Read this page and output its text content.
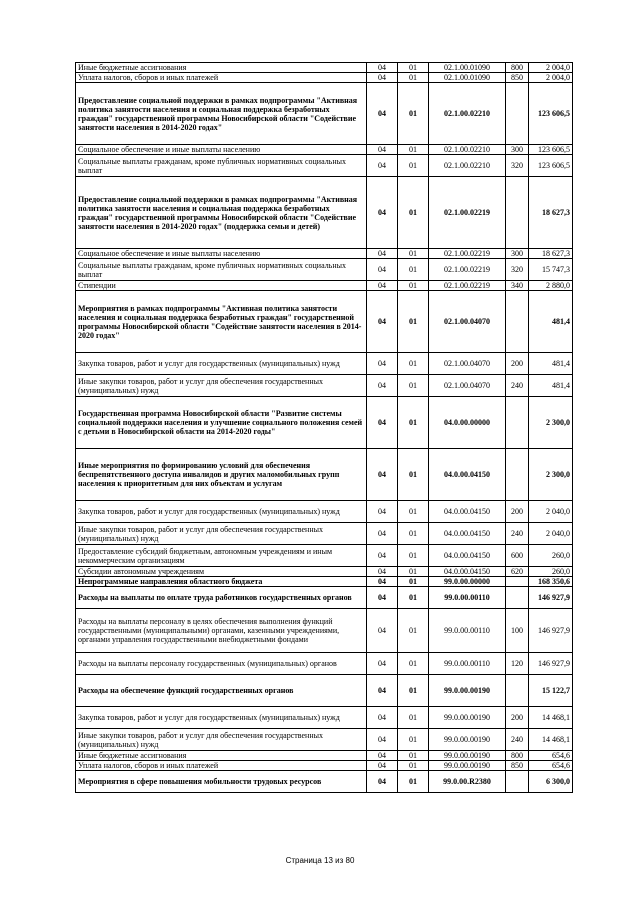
Иные бюджетные ассигнования	04	01	02.1.00.01090	800	2 004,0
Уплата налогов, сборов и иных платежей	04	01	02.1.00.01090	850	2 004,0
Предоставление социальной поддержки в рамках подпрограммы "Активная политика занятости населения и социальная поддержка безработных граждан" государственной программы Новосибирской области "Содействие занятости населения в 2014-2020 годах"	04	01	02.1.00.02210		123 606,5
Социальное обеспечение и иные выплаты населению	04	01	02.1.00.02210	300	123 606,5
Социальные выплаты гражданам, кроме публичных нормативных социальных выплат	04	01	02.1.00.02210	320	123 606,5
Предоставление социальной поддержки в рамках подпрограммы "Активная политика занятости населения и социальная поддержка безработных граждан" государственной программы Новосибирской области "Содействие занятости населения в 2014-2020 годах" (поддержка семьи и детей)	04	01	02.1.00.02219		18 627,3
Социальное обеспечение и иные выплаты населению	04	01	02.1.00.02219	300	18 627,3
Социальные выплаты гражданам, кроме публичных нормативных социальных выплат	04	01	02.1.00.02219	320	15 747,3
Стипендии	04	01	02.1.00.02219	340	2 880,0
Мероприятия в рамках подпрограммы "Активная политика занятости населения и социальная поддержка безработных граждан" государственной программы Новосибирской области "Содействие занятости населения в 2014-2020 годах"	04	01	02.1.00.04070		481,4
Закупка товаров, работ и услуг для государственных (муниципальных) нужд	04	01	02.1.00.04070	200	481,4
Иные закупки товаров, работ и услуг для обеспечения государственных (муниципальных) нужд	04	01	02.1.00.04070	240	481,4
Государственная программа Новосибирской области "Развитие системы социальной поддержки населения и улучшение социального положения семей с детьми в Новосибирской области на 2014-2020 годы"	04	01	04.0.00.00000		2 300,0
Иные мероприятия по формированию условий для обеспечения беспрепятственного доступа инвалидов и других маломобильных групп населения к приоритетным для них объектам и услугам	04	01	04.0.00.04150		2 300,0
Закупка товаров, работ и услуг для государственных (муниципальных) нужд	04	01	04.0.00.04150	200	2 040,0
Иные закупки товаров, работ и услуг для обеспечения государственных (муниципальных) нужд	04	01	04.0.00.04150	240	2 040,0
Предоставление субсидий бюджетным, автономным учреждениям и иным некоммерческим организациям	04	01	04.0.00.04150	600	260,0
Субсидии автономным учреждениям	04	01	04.0.00.04150	620	260,0
Непрограммные направления областного бюджета	04	01	99.0.00.00000		168 350,6
Расходы на выплаты по оплате труда работников государственных органов	04	01	99.0.00.00110		146 927,9
Расходы на выплаты персоналу в целях обеспечения выполнения функций государственными (муниципальными) органами, казенными учреждениями, органами управления государственными внебюджетными фондами	04	01	99.0.00.00110	100	146 927,9
Расходы на выплаты персоналу государственных (муниципальных) органов	04	01	99.0.00.00110	120	146 927,9
Расходы на обеспечение функций государственных органов	04	01	99.0.00.00190		15 122,7
Закупка товаров, работ и услуг для государственных (муниципальных) нужд	04	01	99.0.00.00190	200	14 468,1
Иные закупки товаров, работ и услуг для обеспечения государственных (муниципальных) нужд	04	01	99.0.00.00190	240	14 468,1
Иные бюджетные ассигнования	04	01	99.0.00.00190	800	654,6
Уплата налогов, сборов и иных платежей	04	01	99.0.00.00190	850	654,6
Мероприятия в сфере повышения мобильности трудовых ресурсов	04	01	99.0.00.R2380		6 300,0
Страница 13 из 80
